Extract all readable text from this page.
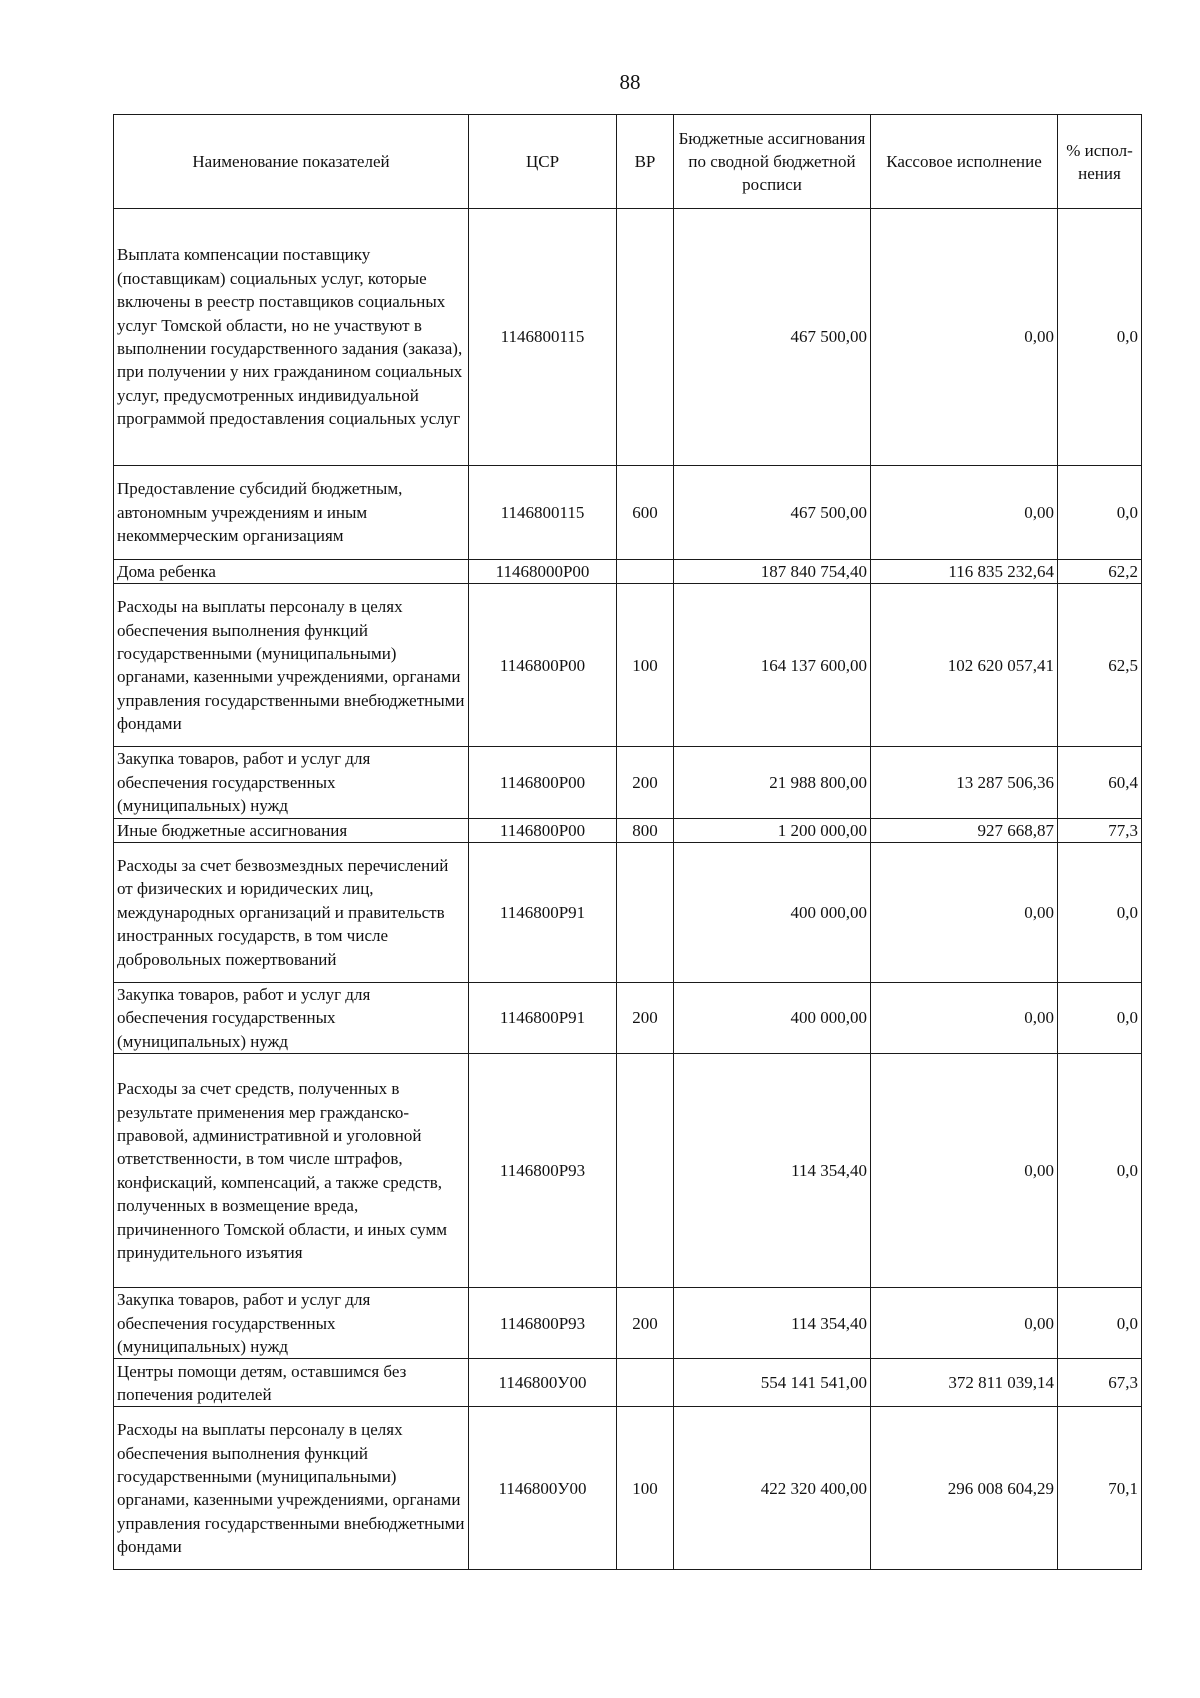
88
Наименование показателей	ЦСР	ВР	Бюджетные ассигнования по сводной бюджетной росписи	Кассовое исполнение	% испол-нения
Выплата компенсации поставщику (поставщикам) социальных услуг, которые включены в реестр поставщиков социальных услуг Томской области, но не участвуют в выполнении государственного задания (заказа), при получении у них гражданином социальных услуг, предусмотренных индивидуальной программой предоставления социальных услуг	1146800115		467 500,00	0,00	0,0
Предоставление субсидий бюджетным, автономным учреждениям и иным некоммерческим организациям	1146800115	600	467 500,00	0,00	0,0
Дома ребенка	11468000Р00		187 840 754,40	116 835 232,64	62,2
Расходы на выплаты персоналу в целях обеспечения выполнения функций государственными (муниципальными) органами, казенными учреждениями, органами управления государственными внебюджетными фондами	1146800Р00	100	164 137 600,00	102 620 057,41	62,5
Закупка товаров, работ и услуг для обеспечения государственных (муниципальных) нужд	1146800Р00	200	21 988 800,00	13 287 506,36	60,4
Иные бюджетные ассигнования	1146800Р00	800	1 200 000,00	927 668,87	77,3
Расходы за счет безвозмездных перечислений от физических и юридических лиц, международных организаций и правительств иностранных государств, в том числе добровольных пожертвований	1146800Р91		400 000,00	0,00	0,0
Закупка товаров, работ и услуг для обеспечения государственных (муниципальных) нужд	1146800Р91	200	400 000,00	0,00	0,0
Расходы за счет средств, полученных в результате применения мер гражданско-правовой, административной и уголовной ответственности, в том числе штрафов, конфискаций, компенсаций, а также средств, полученных в возмещение вреда, причиненного Томской области, и иных сумм принудительного изъятия	1146800Р93		114 354,40	0,00	0,0
Закупка товаров, работ и услуг для обеспечения государственных (муниципальных) нужд	1146800Р93	200	114 354,40	0,00	0,0
Центры помощи детям, оставшимся без попечения родителей	1146800У00		554 141 541,00	372 811 039,14	67,3
Расходы на выплаты персоналу в целях обеспечения выполнения функций государственными (муниципальными) органами, казенными учреждениями, органами управления государственными внебюджетными фондами	1146800У00	100	422 320 400,00	296 008 604,29	70,1
